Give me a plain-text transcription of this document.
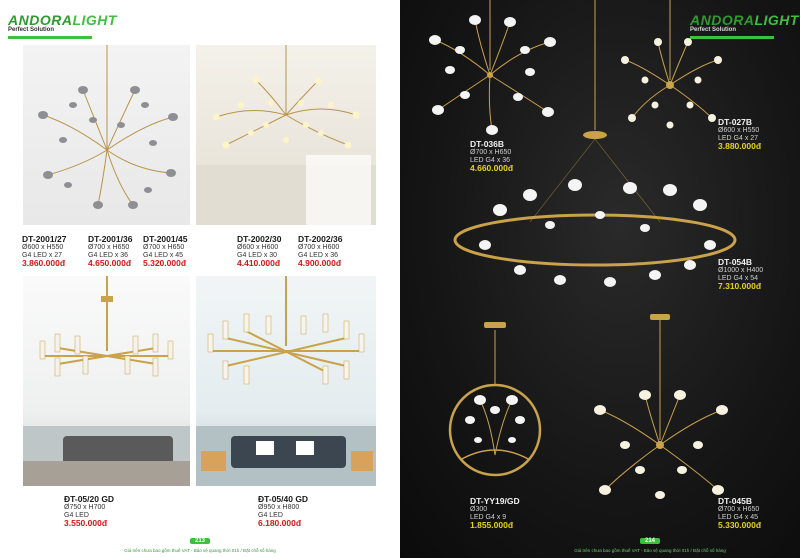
ANDORALIGHT
Perfect Solution
DT-2001/27
Ø600 x H550
G4 LED x 27
3.860.000đ
DT-2001/36
Ø700 x H650
G4 LED x 36
4.650.000đ
DT-2001/45
Ø700 x H650
G4 LED x 45
5.320.000đ
DT-2002/30
Ø600 x H600
G4 LED x 30
4.410.000đ
DT-2002/36
Ø700 x H600
G4 LED x 36
4.900.000đ
ĐT-05/20 GD
Ø750 x H700
G4 LED
3.550.000đ
ĐT-05/40 GD
Ø950 x H800
G4 LED
6.180.000đ
213
Giá trên chưa bao gồm thuế VAT - Bảo vệ quang thời 01h / Đặt chỗ số hàng
ANDORALIGHT
Perfect Solution
DT-036B
Ø700 x H650
LED G4 x 36
4.660.000đ
DT-027B
Ø600 x H550
LED G4 x 27
3.880.000đ
DT-054B
Ø1000 x H400
LED G4 x 54
7.310.000đ
DT-YY19/GD
Ø300
LED G4 x 9
1.855.000đ
DT-045B
Ø700 x H650
LED G4 x 45
5.330.000đ
214
Giá trên chưa bao gồm thuế VAT - Bảo vệ quang thời 01h / Đặt chỗ số hàng
